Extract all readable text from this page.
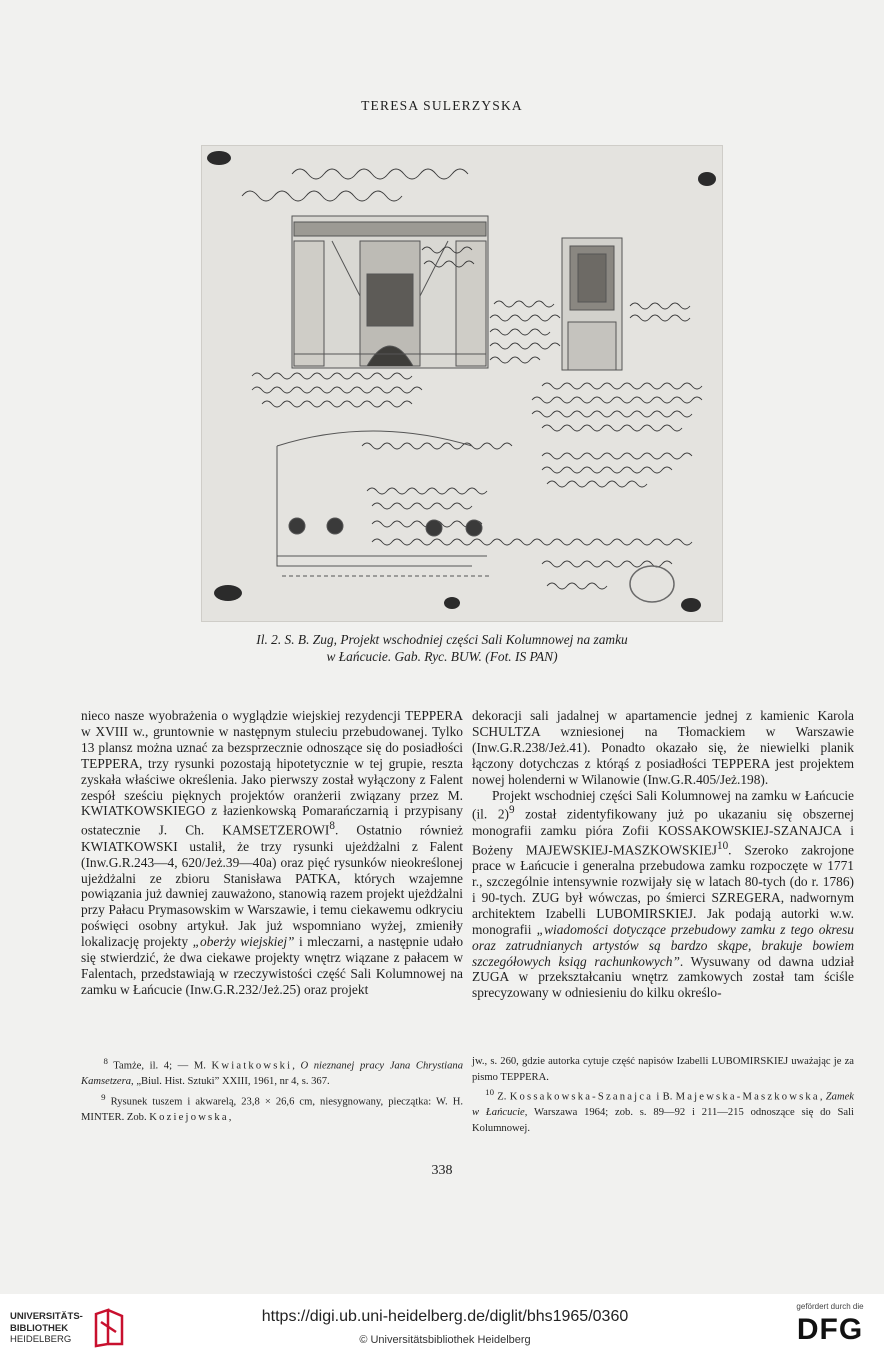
TERESA SULERZYSKA
Il. 2. S. B. Zug, Projekt wschodniej części Sali Kolumnowej na zamku
w Łańcucie. Gab. Ryc. BUW. (Fot. IS PAN)

nieco nasze wyobrażenia o wyglądzie wiejskiej rezydencji TEPPERA w XVIII w., gruntownie w następnym stuleciu przebudowanej. Tylko 13 plansz można uznać za bezsprzecznie odnoszące się do posiadłości TEPPERA, trzy rysunki pozostają hipotetycznie w tej grupie, reszta zyskała właściwe określenia. Jako pierwszy został wyłączony z Falent zespół sześciu pięknych projektów oranżerii związany przez M. KWIATKOWSKIEGO z łazienkowską Pomarańczarnią i przypisany ostatecznie J. Ch. KAMSETZEROWI$^8$. Ostatnio również KWIATKOWSKI ustalił, że trzy rysunki ujeżdżalni z Falent (Inw.G.R.243—4, 620/Jeż.39—40a) oraz pięć rysunków nieokreślonej ujeżdżalni ze zbioru Stanisława PATKA, których wzajemne powiązania już dawniej zauważono, stanowią razem projekt ujeżdżalni przy Pałacu Prymasowskim w Warszawie, i temu ciekawemu odkryciu poświęci osobny artykuł. Jak już wspomniano wyżej, zmieniły lokalizację projekty „oberży wiejskiej” i mleczarni, a następnie udało się stwierdzić, że dwa ciekawe projekty wnętrz wiązane z pałacem w Falentach, przedstawiają w rzeczywistości część Sali Kolumnowej na zamku w Łańcucie (Inw.G.R.232/Jeż.25) oraz projekt

dekoracji sali jadalnej w apartamencie jednej z kamienic Karola SCHULTZA wzniesionej na Tłomackiem w Warszawie (Inw.G.R.238/Jeż.41). Ponadto okazało się, że niewielki planik łączony dotychczas z którąś z posiadłości TEPPERA jest projektem nowej holenderni w Wilanowie (Inw.G.R.405/Jeż.198).

Projekt wschodniej części Sali Kolumnowej na zamku w Łańcucie (il. 2)$^9$ został zidentyfikowany już po ukazaniu się obszernej monografii zamku pióra Zofii KOSSAKOWSKIEJ-SZANAJCA i Bożeny MAJEWSKIEJ-MASZKOWSKIEJ$^{10}$. Szeroko zakrojone prace w Łańcucie i generalna przebudowa zamku rozpoczęte w 1771 r., szczególnie intensywnie rozwijały się w latach 80-tych (do r. 1786) i 90-tych. ZUG był wówczas, po śmierci SZREGERA, nadwornym architektem Izabelli LUBOMIRSKIEJ. Jak podają autorki w.w. monografii „wiadomości dotyczące przebudowy zamku z tego okresu oraz zatrudnianych artystów są bardzo skąpe, brakuje bowiem szczegółowych ksiąg rachunkowych”. Wysuwany od dawna udział ZUGA w przekształcaniu wnętrz zamkowych został tam ściśle sprecyzowany w odniesieniu do kilku określo-

$^8$ Tamże, il. 4; — M. Kwiatkowski, O nieznanej pracy Jana Chrystiana Kamsetzera, „Biul. Hist. Sztuki” XXIII, 1961, nr 4, s. 367.

$^9$ Rysunek tuszem i akwarelą, 23,8 × 26,6 cm, niesygnowany, pieczątka: W. H. MINTER. Zob. Koziejowska,

jw., s. 260, gdzie autorka cytuje część napisów Izabelli LUBOMIRSKIEJ uważając je za pismo TEPPERA.

$^{10}$ Z. Kossakowska-Szanajca i B. Majewska-Maszkowska, Zamek w Łańcucie, Warszawa 1964; zob. s. 89—92 i 211—215 odnoszące się do Sali Kolumnowej.

338
UNIVERSITÄTS-
BIBLIOTHEK
HEIDELBERG
https://digi.ub.uni-heidelberg.de/diglit/bhs1965/0360
© Universitätsbibliothek Heidelberg
gefördert durch die
DFG
